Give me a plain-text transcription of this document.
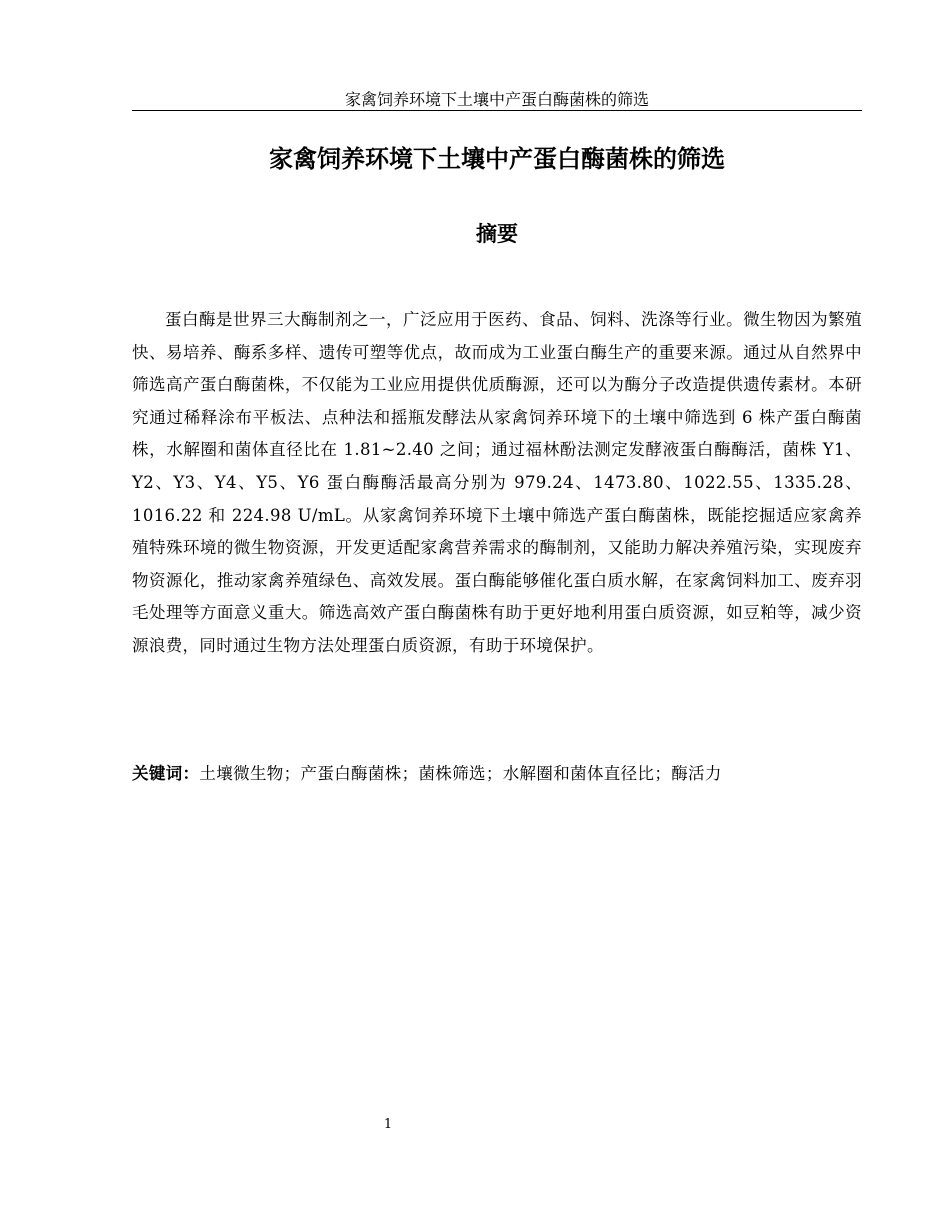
家禽饲养环境下土壤中产蛋白酶菌株的筛选
家禽饲养环境下土壤中产蛋白酶菌株的筛选
摘要

蛋白酶是世界三大酶制剂之一，广泛应用于医药、食品、饲料、洗涤等行业。微生物因为繁殖快、易培养、酶系多样、遗传可塑等优点，故而成为工业蛋白酶生产的重要来源。通过从自然界中筛选高产蛋白酶菌株，不仅能为工业应用提供优质酶源，还可以为酶分子改造提供遗传素材。本研究通过稀释涂布平板法、点种法和摇瓶发酵法从家禽饲养环境下的土壤中筛选到 6 株产蛋白酶菌株，水解圈和菌体直径比在 1.81~2.40 之间；通过福林酚法测定发酵液蛋白酶酶活，菌株 Y1、Y2、Y3、Y4、Y5、Y6 蛋白酶酶活最高分别为 979.24、1473.80、1022.55、1335.28、1016.22 和 224.98 U/mL。从家禽饲养环境下土壤中筛选产蛋白酶菌株，既能挖掘适应家禽养殖特殊环境的微生物资源，开发更适配家禽营养需求的酶制剂，又能助力解决养殖污染，实现废弃物资源化，推动家禽养殖绿色、高效发展。蛋白酶能够催化蛋白质水解，在家禽饲料加工、废弃羽毛处理等方面意义重大。筛选高效产蛋白酶菌株有助于更好地利用蛋白质资源，如豆粕等，减少资源浪费，同时通过生物方法处理蛋白质资源，有助于环境保护。

关键词：土壤微生物；产蛋白酶菌株；菌株筛选；水解圈和菌体直径比；酶活力

1
